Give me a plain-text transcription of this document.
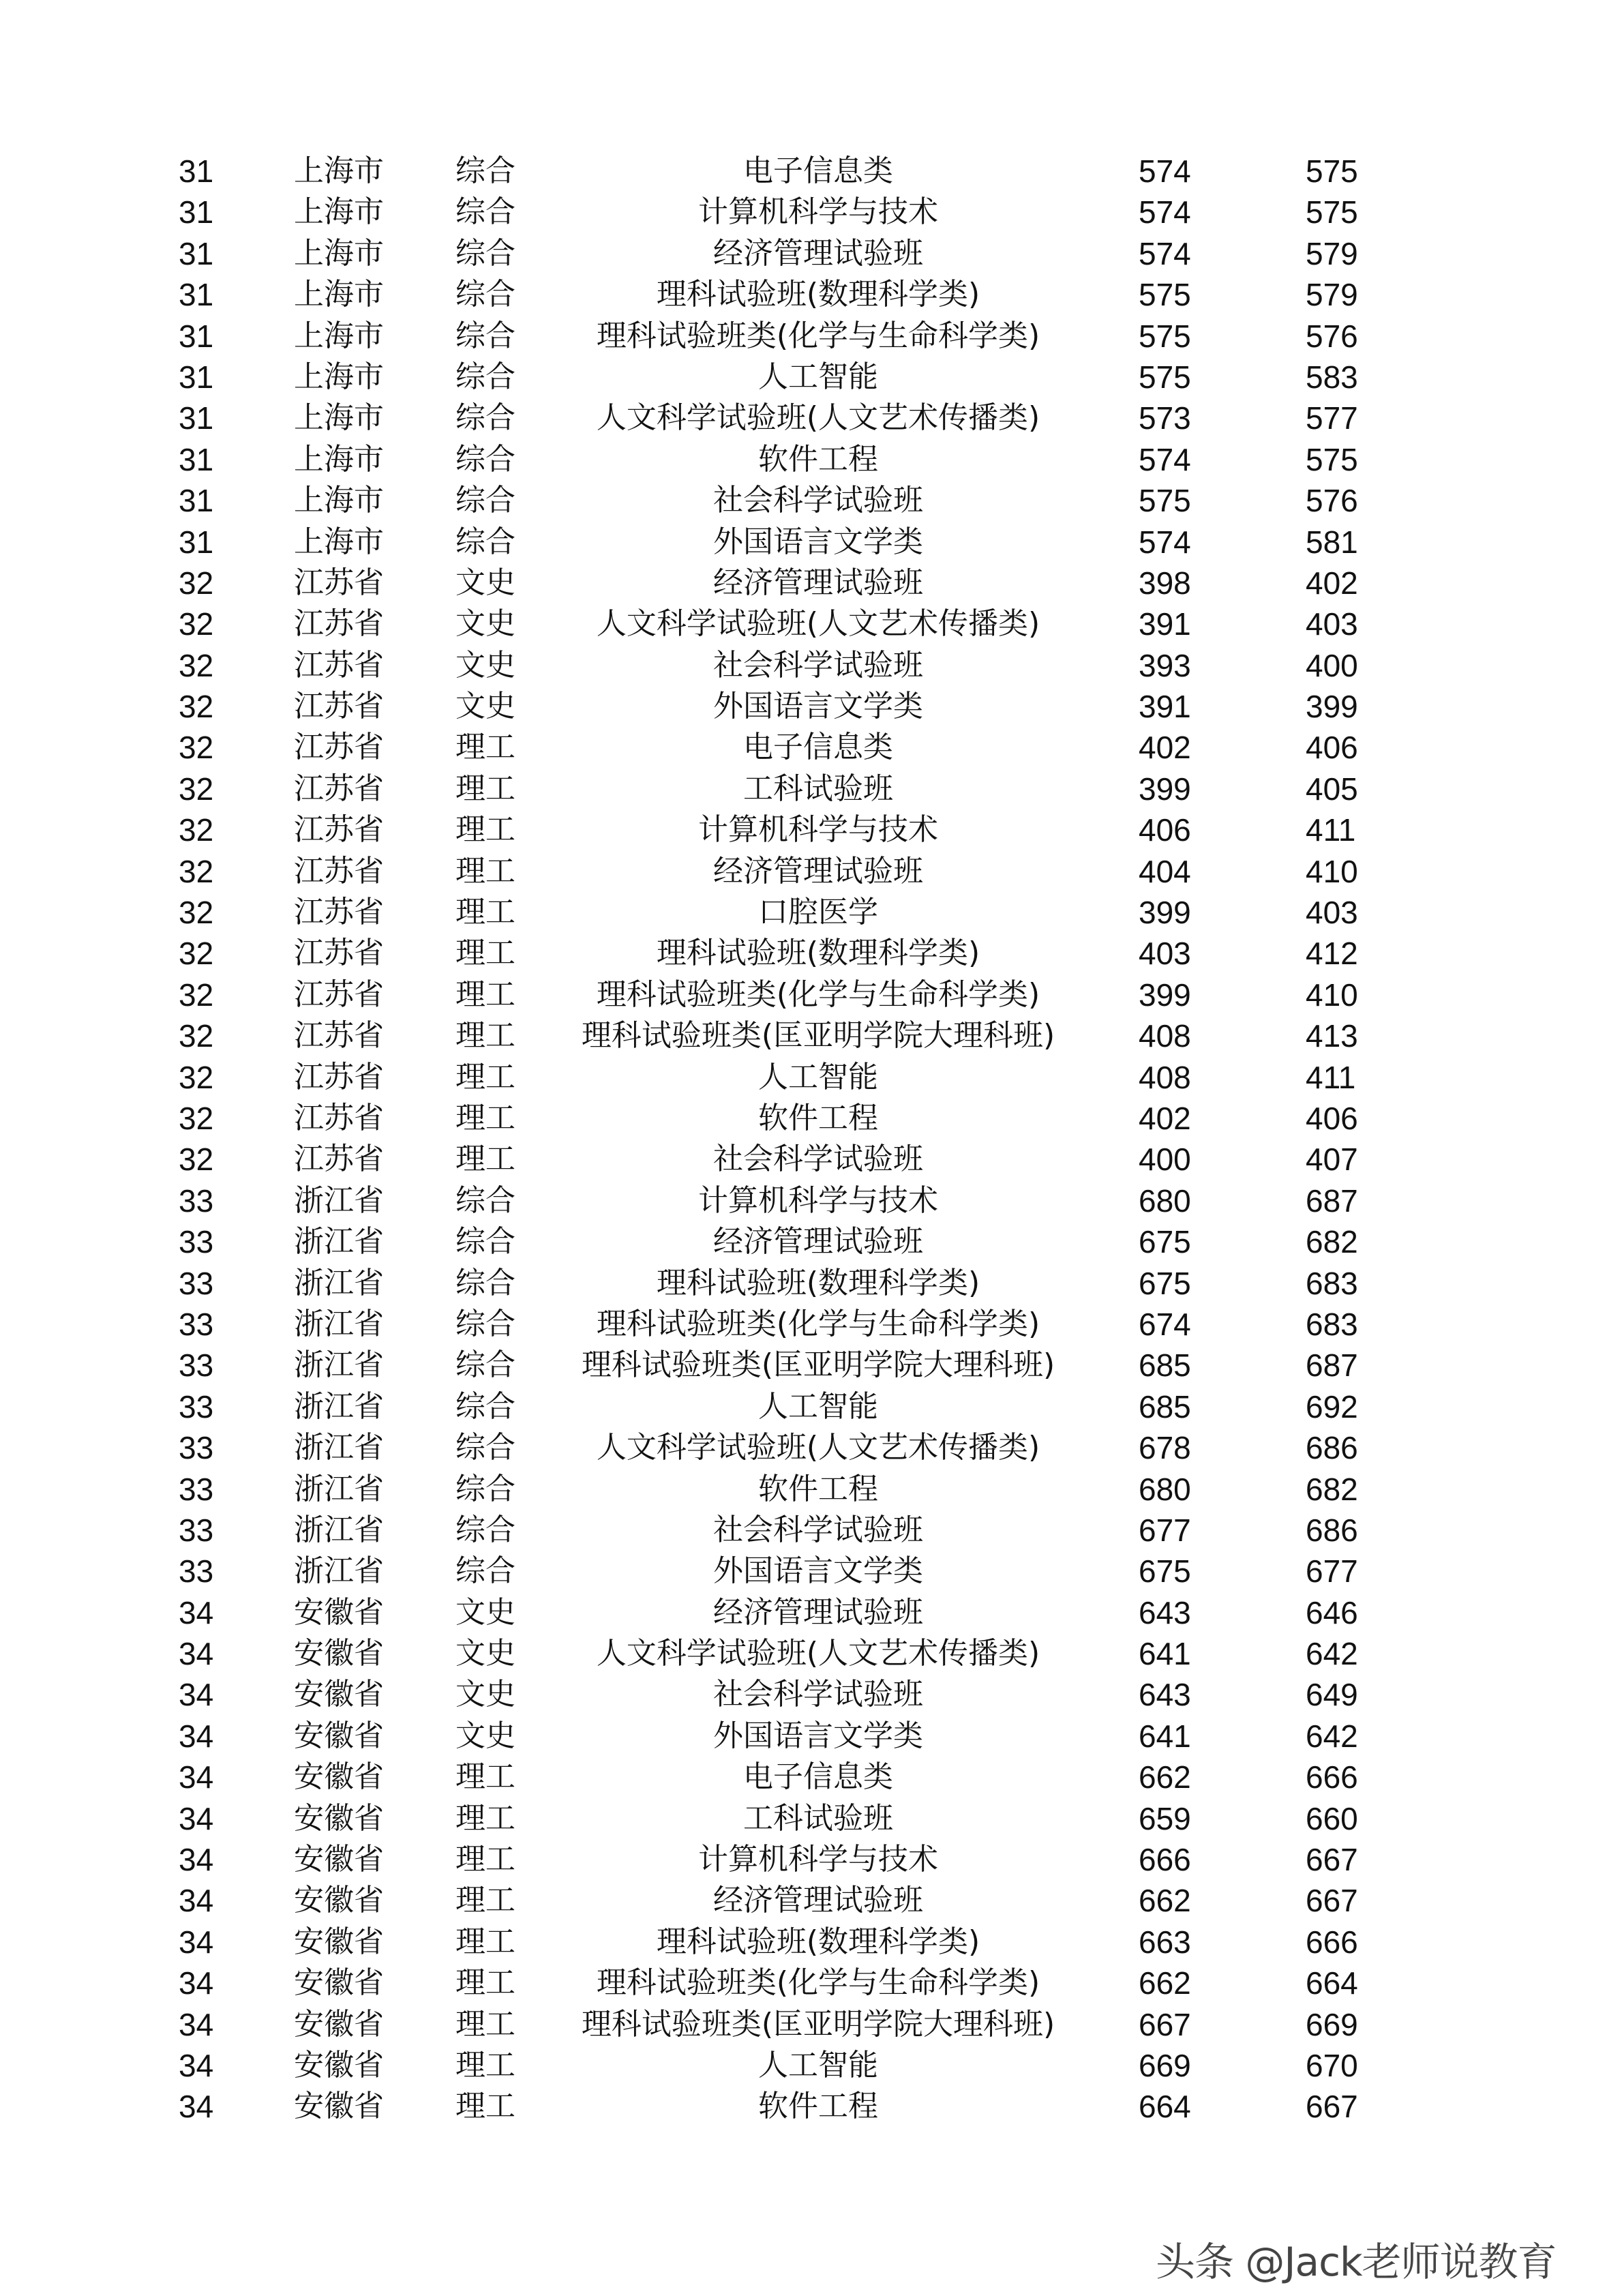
31	上海市 综合	电子信息类	574	575
31	上海市 综合	计算机科学与技术	574	575
31	上海市 综合	经济管理试验班	574	579
31	上海市 综合	理科试验班(数理科学类)	575	579
31	上海市 综合	理科试验班类(化学与生命科学类)	575	576
31	上海市 综合	人工智能	575	583
31	上海市 综合	人文科学试验班(人文艺术传播类)	573	577
31	上海市 综合	软件工程	574	575
31	上海市 综合	社会科学试验班	575	576
31	上海市 综合	外国语言文学类	574	581
32	江苏省 文史	经济管理试验班	398	402
32	江苏省 文史	人文科学试验班(人文艺术传播类)	391	403
32	江苏省 文史	社会科学试验班	393	400
32	江苏省 文史	外国语言文学类	391	399
32	江苏省 理工	电子信息类	402	406
32	江苏省 理工	工科试验班	399	405
32	江苏省 理工	计算机科学与技术	406	411
32	江苏省 理工	经济管理试验班	404	410
32	江苏省 理工	口腔医学	399	403
32	江苏省 理工	理科试验班(数理科学类)	403	412
32	江苏省 理工	理科试验班类(化学与生命科学类)	399	410
32	江苏省 理工 理科试验班类(匡亚明学院大理科班)	408	413
32	江苏省 理工	人工智能	408	411
32	江苏省 理工	软件工程	402	406
32	江苏省 理工	社会科学试验班	400	407
33	浙江省 综合	计算机科学与技术	680	687
33	浙江省 综合	经济管理试验班	675	682
33	浙江省 综合	理科试验班(数理科学类)	675	683
33	浙江省 综合	理科试验班类(化学与生命科学类)	674	683
33	浙江省 综合 理科试验班类(匡亚明学院大理科班)	685	687
33	浙江省 综合	人工智能	685	692
33	浙江省 综合	人文科学试验班(人文艺术传播类)	678	686
33	浙江省 综合	软件工程	680	682
33	浙江省 综合	社会科学试验班	677	686
33	浙江省 综合	外国语言文学类	675	677
34	安徽省 文史	经济管理试验班	643	646
34	安徽省 文史	人文科学试验班(人文艺术传播类)	641	642
34	安徽省 文史	社会科学试验班	643	649
34	安徽省 文史	外国语言文学类	641	642
34	安徽省 理工	电子信息类	662	666
34	安徽省 理工	工科试验班	659	660
34	安徽省 理工	计算机科学与技术	666	667
34	安徽省 理工	经济管理试验班	662	667
34	安徽省 理工	理科试验班(数理科学类)	663	666
34	安徽省 理工	理科试验班类(化学与生命科学类)	662	664
34	安徽省 理工 理科试验班类(匡亚明学院大理科班)	667	669
34	安徽省 理工	人工智能	669	670
34	安徽省 理工	软件工程	664	667
头条 @Jack老师说教育
